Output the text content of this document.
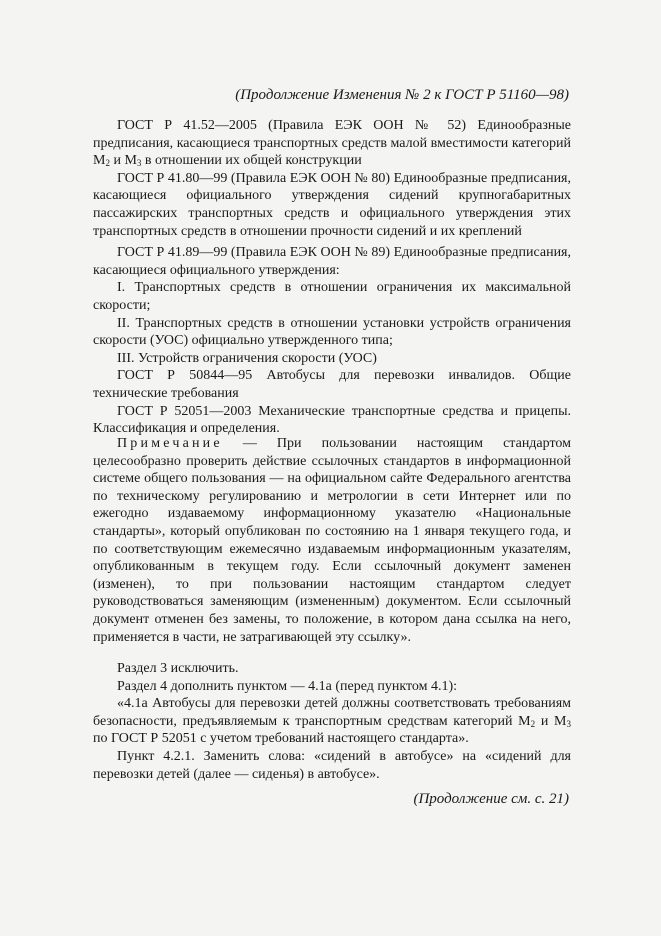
(Продолжение Изменения № 2 к ГОСТ Р 51160—98)

ГОСТ Р 41.52—2005 (Правила ЕЭК ООН № 52) Единообразные предписания, касающиеся транспортных средств малой вместимости категорий $М_2$ и $М_3$ в отношении их общей конструкции

ГОСТ Р 41.80—99 (Правила ЕЭК ООН № 80) Единообразные предписания, касающиеся официального утверждения сидений крупногабаритных пассажирских транспортных средств и официального утверждения этих транспортных средств в отношении прочности сидений и их креплений

ГОСТ Р 41.89—99 (Правила ЕЭК ООН № 89) Единообразные предписания, касающиеся официального утверждения:

I. Транспортных средств в отношении ограничения их максимальной скорости;

II. Транспортных средств в отношении установки устройств ограничения скорости (УОС) официально утвержденного типа;

III. Устройств ограничения скорости (УОС)

ГОСТ Р 50844—95 Автобусы для перевозки инвалидов. Общие технические требования

ГОСТ Р 52051—2003 Механические транспортные средства и прицепы. Классификация и определения.

Примечание — При пользовании настоящим стандартом целесообразно проверить действие ссылочных стандартов в информационной системе общего пользования — на официальном сайте Федерального агентства по техническому регулированию и метрологии в сети Интернет или по ежегодно издаваемому информационному указателю «Национальные стандарты», который опубликован по состоянию на 1 января текущего года, и по соответствующим ежемесячно издаваемым информационным указателям, опубликованным в текущем году. Если ссылочный документ заменен (изменен), то при пользовании настоящим стандартом следует руководствоваться заменяющим (измененным) документом. Если ссылочный документ отменен без замены, то положение, в котором дана ссылка на него, применяется в части, не затрагивающей эту ссылку».

Раздел 3 исключить.

Раздел 4 дополнить пунктом — 4.1а (перед пунктом 4.1):

«4.1а Автобусы для перевозки детей должны соответствовать требованиям безопасности, предъявляемым к транспортным средствам категорий $М_2$ и $М_3$ по ГОСТ Р 52051 с учетом требований настоящего стандарта».

Пункт 4.2.1. Заменить слова: «сидений в автобусе» на «сидений для перевозки детей (далее — сиденья) в автобусе».

(Продолжение см. с. 21)
